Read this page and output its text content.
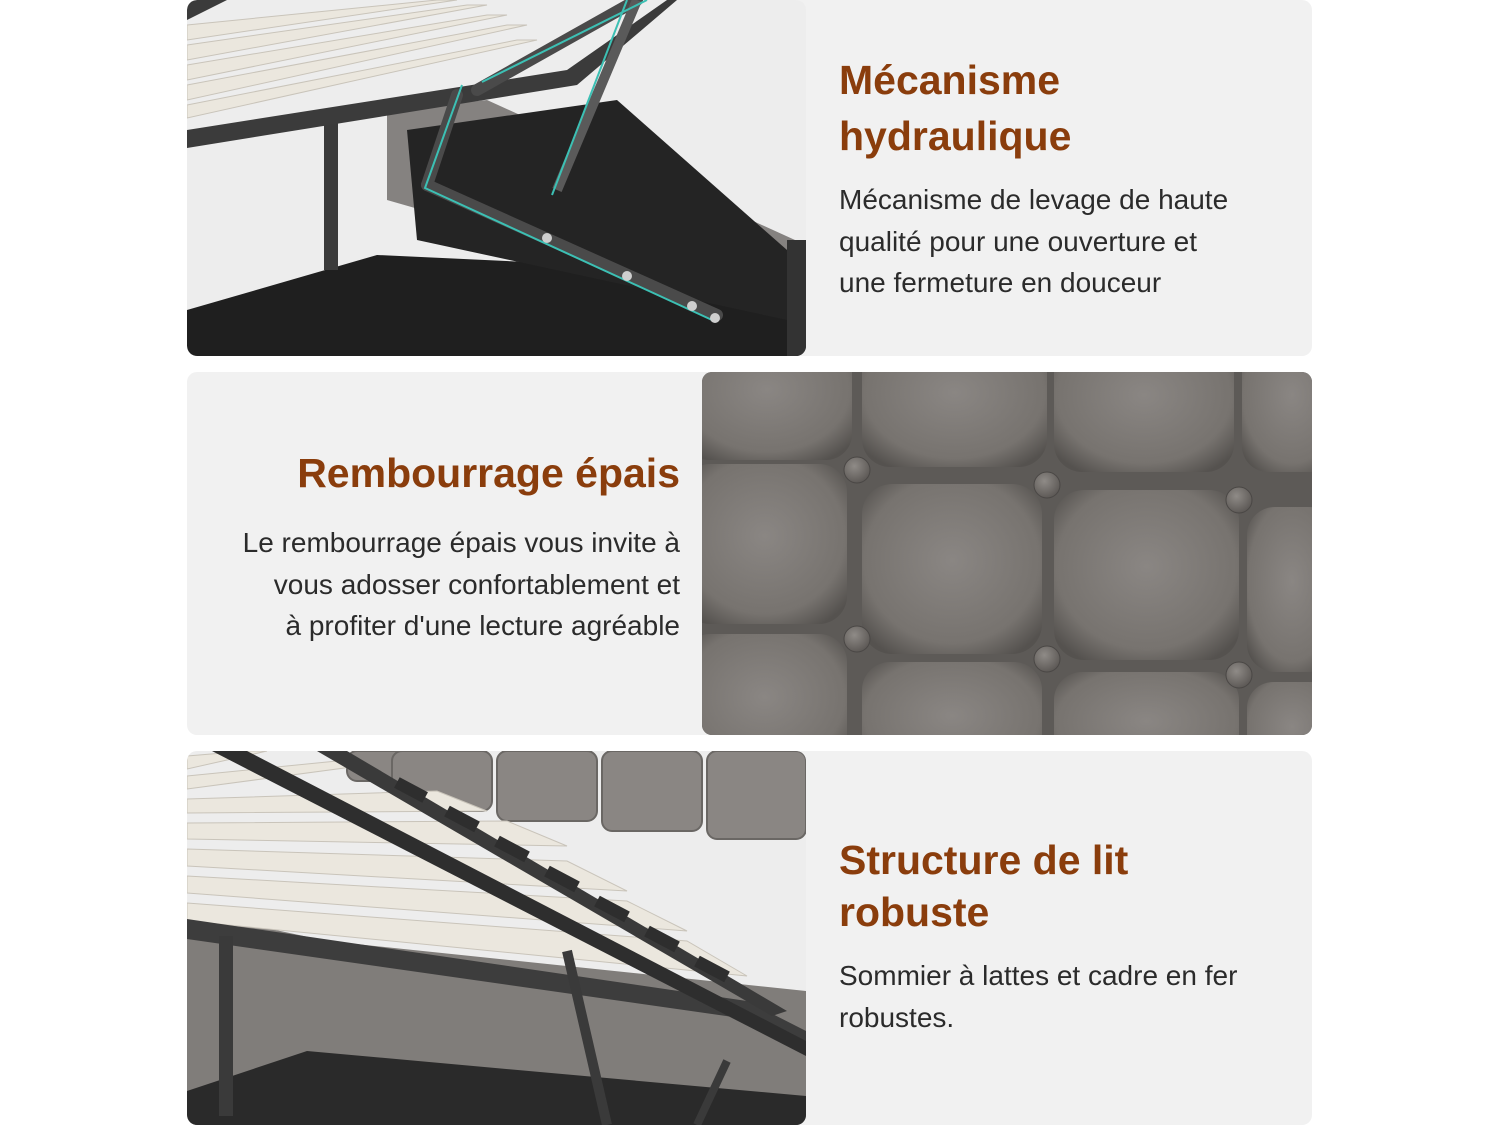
Mécanisme
hydraulique

Mécanisme de levage de haute
qualité pour une ouverture et
une fermeture en douceur

Rembourrage épais

Le rembourrage épais vous invite à
vous adosser confortablement et
à profiter d'une lecture agréable

Structure de lit
robuste

Sommier à lattes et cadre en fer
robustes.
